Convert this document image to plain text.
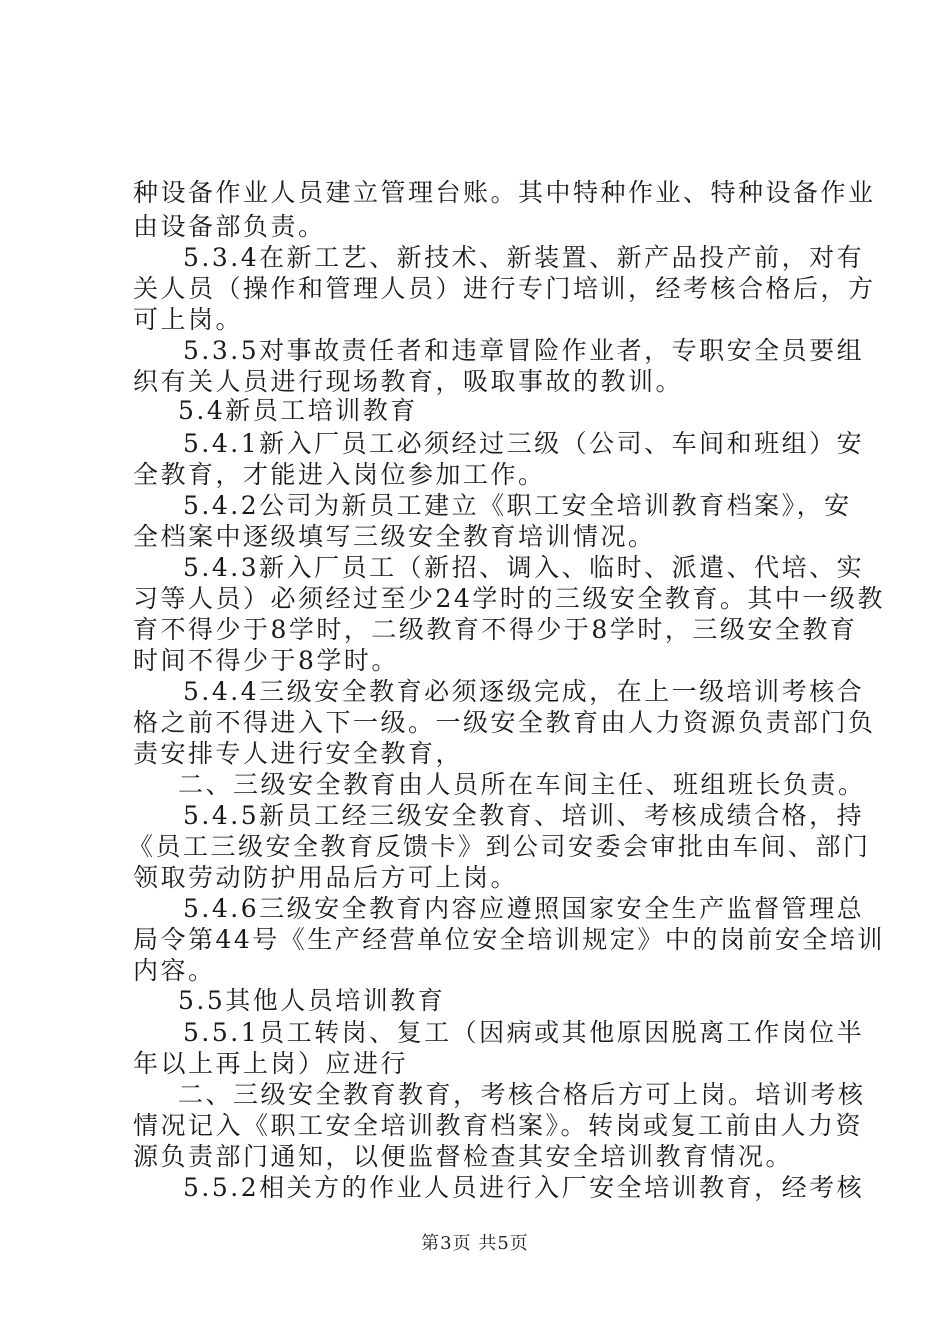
种设备作业人员建立管理台账。其中特种作业、特种设备作业
由设备部负责。
5.3.4在新工艺、新技术、新装置、新产品投产前，对有
关人员（操作和管理人员）进行专门培训，经考核合格后，方
可上岗。
5.3.5对事故责任者和违章冒险作业者，专职安全员要组
织有关人员进行现场教育，吸取事故的教训。
5.4新员工培训教育
5.4.1新入厂员工必须经过三级（公司、车间和班组）安
全教育，才能进入岗位参加工作。
5.4.2公司为新员工建立《职工安全培训教育档案》，安
全档案中逐级填写三级安全教育培训情况。
5.4.3新入厂员工（新招、调入、临时、派遣、代培、实
习等人员）必须经过至少24学时的三级安全教育。其中一级教
育不得少于8学时，二级教育不得少于8学时，三级安全教育
时间不得少于8学时。
5.4.4三级安全教育必须逐级完成，在上一级培训考核合
格之前不得进入下一级。一级安全教育由人力资源负责部门负
责安排专人进行安全教育，
二、三级安全教育由人员所在车间主任、班组班长负责。
5.4.5新员工经三级安全教育、培训、考核成绩合格，持
《员工三级安全教育反馈卡》到公司安委会审批由车间、部门
领取劳动防护用品后方可上岗。
5.4.6三级安全教育内容应遵照国家安全生产监督管理总
局令第44号《生产经营单位安全培训规定》中的岗前安全培训
内容。
5.5其他人员培训教育
5.5.1员工转岗、复工（因病或其他原因脱离工作岗位半
年以上再上岗）应进行
二、三级安全教育教育，考核合格后方可上岗。培训考核
情况记入《职工安全培训教育档案》。转岗或复工前由人力资
源负责部门通知，以便监督检查其安全培训教育情况。
5.5.2相关方的作业人员进行入厂安全培训教育，经考核
第3页 共5页
